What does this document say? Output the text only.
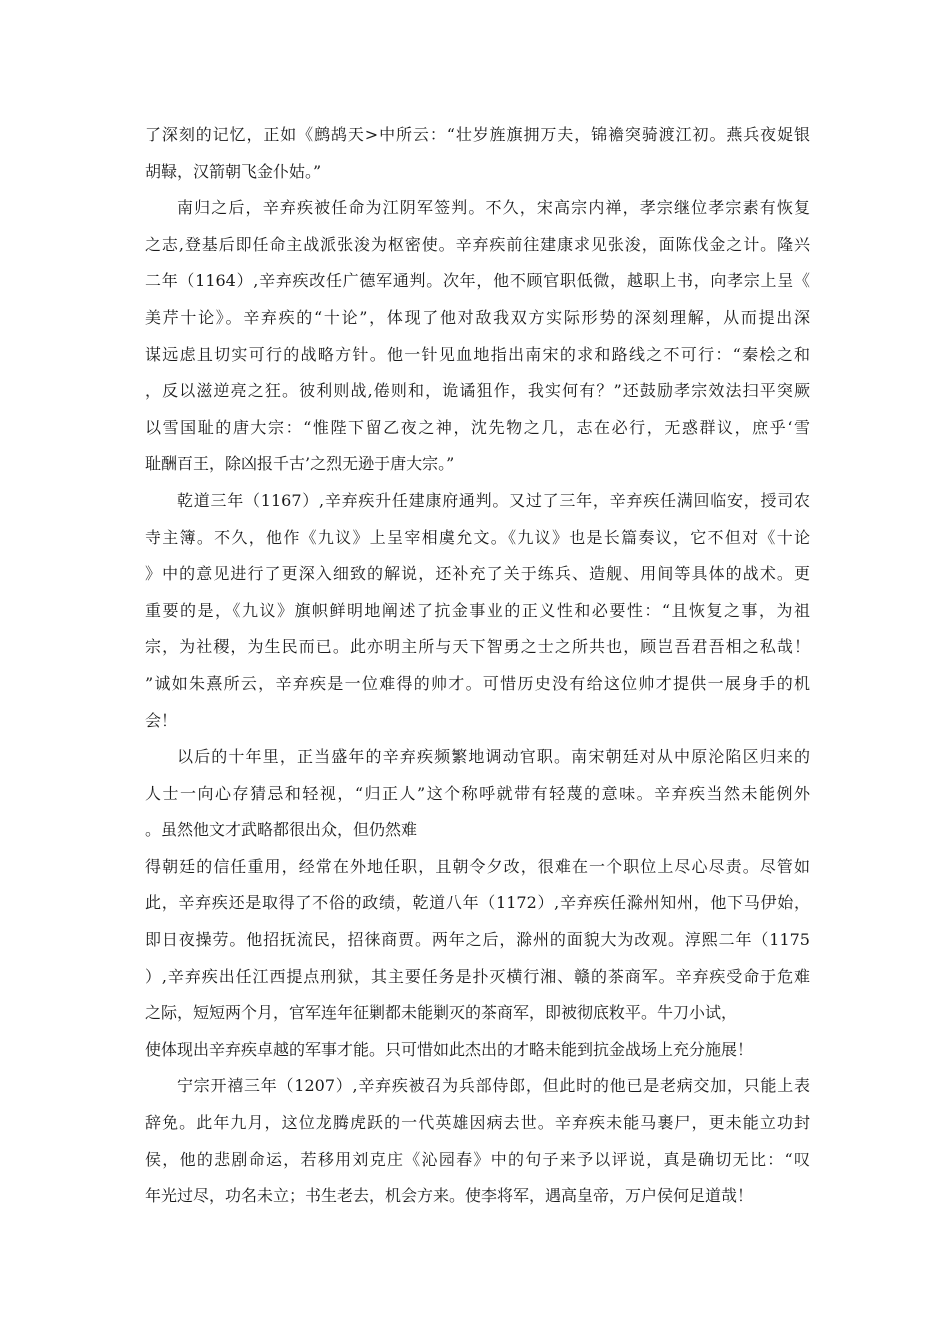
了深刻的记忆，正如《鹧鸪天>中所云：“壮岁旌旗拥万夫，锦襜突骑渡江初。燕兵夜娖银
胡䩮，汉箭朝飞金仆姑。”
南归之后，辛弃疾被任命为江阴军签判。不久，宋高宗内禅，孝宗继位孝宗素有恢复
之志,登基后即任命主战派张浚为枢密使。辛弃疾前往建康求见张浚，面陈伐金之计。隆兴
二年（1164）,辛弃疾改任广德军通判。次年，他不顾官职低微，越职上书，向孝宗上呈《
美芹十论》。辛弃疾的“十论”，体现了他对敌我双方实际形势的深刻理解，从而提出深
谋远虑且切实可行的战略方针。他一针见血地指出南宋的求和路线之不可行：“秦桧之和
，反以滋逆亮之狂。彼利则战,倦则和，诡谲狙作，我实何有？”还鼓励孝宗效法扫平突厥
以雪国耻的唐大宗：“惟陛下留乙夜之神，沈先物之几，志在必行，无惑群议，庶乎‘雪
耻酬百王，除凶报千古’之烈无逊于唐大宗。”
乾道三年（1167）,辛弃疾升任建康府通判。又过了三年，辛弃疾任满回临安，授司农
寺主簿。不久，他作《九议》上呈宰相虞允文。《九议》也是长篇奏议，它不但对《十论
》中的意见进行了更深入细致的解说，还补充了关于练兵、造舰、用间等具体的战术。更
重要的是，《九议》旗帜鲜明地阐述了抗金事业的正义性和必要性：“且恢复之事，为祖
宗，为社稷，为生民而已。此亦明主所与天下智勇之士之所共也，顾岂吾君吾相之私哉！
”诚如朱熹所云，辛弃疾是一位难得的帅才。可惜历史没有给这位帅才提供一展身手的机
会！
以后的十年里，正当盛年的辛弃疾频繁地调动官职。南宋朝廷对从中原沦陷区归来的
人士一向心存猜忌和轻视，“归正人”这个称呼就带有轻蔑的意味。辛弃疾当然未能例外
。虽然他文才武略都很出众，但仍然难
得朝廷的信任重用，经常在外地任职，且朝令夕改，很难在一个职位上尽心尽责。尽管如
此，辛弃疾还是取得了不俗的政绩，乾道八年（1172）,辛弃疾任滁州知州，他下马伊始，
即日夜操劳。他招抚流民，招徕商贾。两年之后，滁州的面貌大为改观。淳熙二年（1175
）,辛弃疾出任江西提点刑狱，其主要任务是扑灭横行湘、赣的茶商军。辛弃疾受命于危难
之际，短短两个月，官军连年征剿都未能剿灭的茶商军，即被彻底敉平。牛刀小试，
使体现出辛弃疾卓越的军事才能。只可惜如此杰出的才略未能到抗金战场上充分施展！
宁宗开禧三年（1207）,辛弃疾被召为兵部侍郎，但此时的他已是老病交加，只能上表
辞免。此年九月，这位龙腾虎跃的一代英雄因病去世。辛弃疾未能马裹尸，更未能立功封
侯，他的悲剧命运，若移用刘克庄《沁园春》中的句子来予以评说，真是确切无比：“叹
年光过尽，功名未立；书生老去，机会方来。使李将军，遇高皇帝，万户侯何足道哉！
